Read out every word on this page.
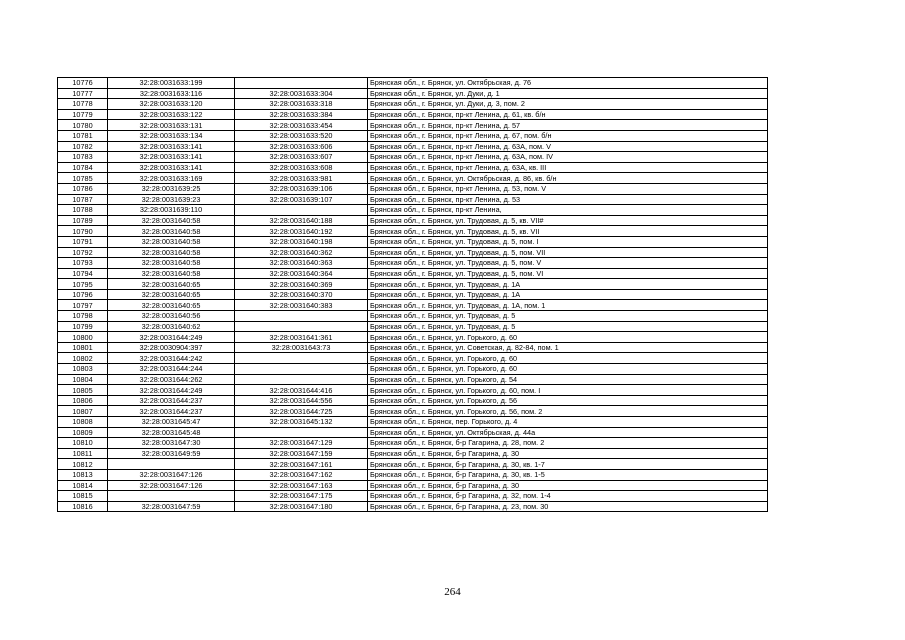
10776	32:28:0031633:199		Брянская обл., г. Брянск, ул. Октябрьская, д. 76
10777	32:28:0031633:116	32:28:0031633:304	Брянская обл., г. Брянск, ул. Дуки, д. 1
10778	32:28:0031633:120	32:28:0031633:318	Брянская обл., г. Брянск, ул. Дуки, д. 3, пом. 2
10779	32:28:0031633:122	32:28:0031633:384	Брянская обл., г. Брянск, пр-кт Ленина, д. 61, кв. б/н
10780	32:28:0031633:131	32:28:0031633:454	Брянская обл., г. Брянск, пр-кт Ленина, д. 57
10781	32:28:0031633:134	32:28:0031633:520	Брянская обл., г. Брянск, пр-кт Ленина, д. 67, пом. б/н
10782	32:28:0031633:141	32:28:0031633:606	Брянская обл., г. Брянск, пр-кт Ленина, д. 63А, пом. V
10783	32:28:0031633:141	32:28:0031633:607	Брянская обл., г. Брянск, пр-кт Ленина, д. 63А, пом. IV
10784	32:28:0031633:141	32:28:0031633:608	Брянская обл., г. Брянск, пр-кт Ленина, д. 63А, кв. III
10785	32:28:0031633:169	32:28:0031633:981	Брянская обл., г. Брянск, ул. Октябрьская, д. 86, кв. б/н
10786	32:28:0031639:25	32:28:0031639:106	Брянская обл., г. Брянск, пр-кт Ленина, д. 53, пом. V
10787	32:28:0031639:23	32:28:0031639:107	Брянская обл., г. Брянск, пр-кт Ленина, д. 53
10788	32:28:0031639:110		Брянская обл., г. Брянск, пр-кт Ленина,
10789	32:28:0031640:58	32:28:0031640:188	Брянская обл., г. Брянск, ул. Трудовая, д. 5, кв. VII#
10790	32:28:0031640:58	32:28:0031640:192	Брянская обл., г. Брянск, ул. Трудовая, д. 5, кв. VII
10791	32:28:0031640:58	32:28:0031640:198	Брянская обл., г. Брянск, ул. Трудовая, д. 5, пом. I
10792	32:28:0031640:58	32:28:0031640:362	Брянская обл., г. Брянск, ул. Трудовая, д. 5, пом. VII
10793	32:28:0031640:58	32:28:0031640:363	Брянская обл., г. Брянск, ул. Трудовая, д. 5, пом. V
10794	32:28:0031640:58	32:28:0031640:364	Брянская обл., г. Брянск, ул. Трудовая, д. 5, пом. VI
10795	32:28:0031640:65	32:28:0031640:369	Брянская обл., г. Брянск, ул. Трудовая, д. 1А
10796	32:28:0031640:65	32:28:0031640:370	Брянская обл., г. Брянск, ул. Трудовая, д. 1А
10797	32:28:0031640:65	32:28:0031640:383	Брянская обл., г. Брянск, ул. Трудовая, д. 1А, пом. 1
10798	32:28:0031640:56		Брянская обл., г. Брянск, ул. Трудовая, д. 5
10799	32:28:0031640:62		Брянская обл., г. Брянск, ул. Трудовая, д. 5
10800	32:28:0031644:249	32:28:0031641:361	Брянская обл., г. Брянск, ул. Горького, д. 60
10801	32:28:0030904:397	32:28:0031643:73	Брянская обл., г. Брянск, ул. Советская, д. 82-84, пом. 1
10802	32:28:0031644:242		Брянская обл., г. Брянск, ул. Горького, д. 60
10803	32:28:0031644:244		Брянская обл., г. Брянск, ул. Горького, д. 60
10804	32:28:0031644:262		Брянская обл., г. Брянск, ул. Горького, д. 54
10805	32:28:0031644:249	32:28:0031644:416	Брянская обл., г. Брянск, ул. Горького, д. 60, пом. I
10806	32:28:0031644:237	32:28:0031644:556	Брянская обл., г. Брянск, ул. Горького, д. 56
10807	32:28:0031644:237	32:28:0031644:725	Брянская обл., г. Брянск, ул. Горького, д. 56, пом. 2
10808	32:28:0031645:47	32:28:0031645:132	Брянская обл., г. Брянск, пер. Горького, д. 4
10809	32:28:0031645:48		Брянская обл., г. Брянск, ул. Октябрьская, д. 44а
10810	32:28:0031647:30	32:28:0031647:129	Брянская обл., г. Брянск, б-р Гагарина, д. 28, пом. 2
10811	32:28:0031649:59	32:28:0031647:159	Брянская обл., г. Брянск, б-р Гагарина, д. 30
10812		32:28:0031647:161	Брянская обл., г. Брянск, б-р Гагарина, д. 30, кв. 1-7
10813	32:28:0031647:126	32:28:0031647:162	Брянская обл., г. Брянск, б-р Гагарина, д. 30, кв. 1-5
10814	32:28:0031647:126	32:28:0031647:163	Брянская обл., г. Брянск, б-р Гагарина, д. 30
10815		32:28:0031647:175	Брянская обл., г. Брянск, б-р Гагарина, д. 32, пом. 1-4
10816	32:28:0031647:59	32:28:0031647:180	Брянская обл., г. Брянск, б-р Гагарина, д. 23, пом. 30
264
